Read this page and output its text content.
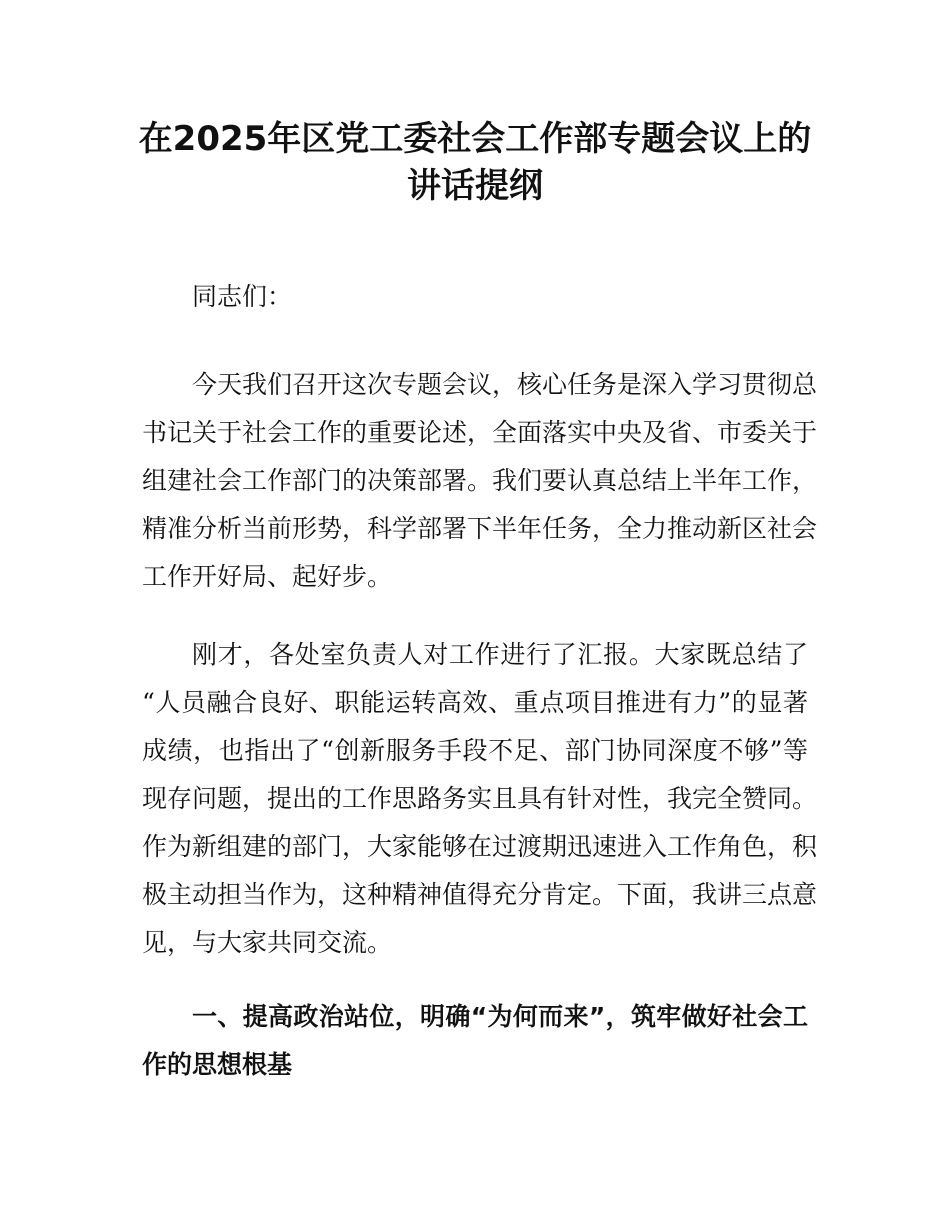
在2025年区党工委社会工作部专题会议上的
讲话提纲
同志们：
今天我们召开这次专题会议，核心任务是深入学习贯彻总
书记关于社会工作的重要论述，全面落实中央及省、市委关于
组建社会工作部门的决策部署。我们要认真总结上半年工作，
精准分析当前形势，科学部署下半年任务，全力推动新区社会
工作开好局、起好步。
刚才，各处室负责人对工作进行了汇报。大家既总结了
“人员融合良好、职能运转高效、重点项目推进有力”的显著
成绩，也指出了“创新服务手段不足、部门协同深度不够”等
现存问题，提出的工作思路务实且具有针对性，我完全赞同。
作为新组建的部门，大家能够在过渡期迅速进入工作角色，积
极主动担当作为，这种精神值得充分肯定。下面，我讲三点意
见，与大家共同交流。
一、提高政治站位，明确“为何而来”，筑牢做好社会工
作的思想根基
